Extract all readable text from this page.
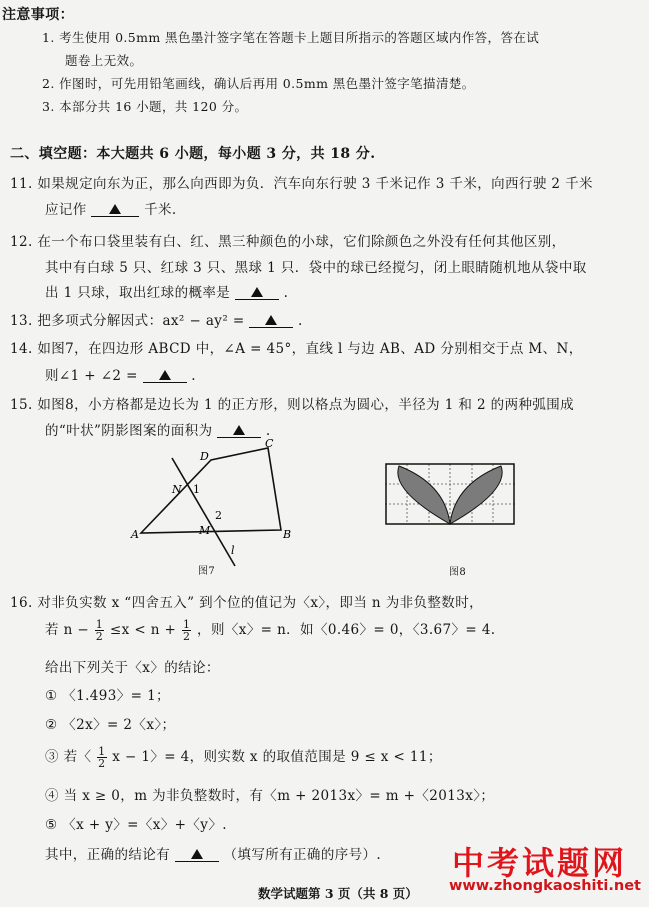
注意事项：
1. 考生使用 0.5mm 黑色墨汁签字笔在答题卡上题目所指示的答题区域内作答，答在试
题卷上无效。
2. 作图时，可先用铅笔画线，确认后再用 0.5mm 黑色墨汁签字笔描清楚。
3. 本部分共 16 小题，共 120 分。
二、填空题：本大题共 6 小题，每小题 3 分，共 18 分.
11. 如果规定向东为正，那么向西即为负．汽车向东行驶 3 千米记作 3 千米，向西行驶 2 千米
应记作	千米.
12. 在一个布口袋里装有白、红、黑三种颜色的小球，它们除颜色之外没有任何其他区别，
其中有白球 5 只、红球 3 只、黑球 1 只．袋中的球已经搅匀，闭上眼睛随机地从袋中取
出 1 只球，取出红球的概率是	.
13. 把多项式分解因式：ax² − ay² =	.
14. 如图7，在四边形 ABCD 中，∠A = 45°，直线 l 与边 AB、AD 分别相交于点 M、N，
则∠1 + ∠2 =	.
15. 如图8，小方格都是边长为 1 的正方形，则以格点为圆心，半径为 1 和 2 的两种弧围成
的“叶状”阴影图案的面积为	.
A	B
C
D
N
M
1
2
l
图7	图8
16. 对非负实数 x “四舍五入” 到个位的值记为〈x〉，即当 n 为非负整数时，
若 $n - \frac{1}{2} \le x < n + \frac{1}{2}$ ，则〈x〉= n．如〈0.46〉= 0，〈3.67〉= 4.
给出下列关于〈x〉的结论：
① 〈1.493〉= 1；
② 〈2x〉= 2〈x〉；
③ 若〈 $\frac{1}{2}$ x − 1〉= 4，则实数 x 的取值范围是 9 ≤ x < 11；
④ 当 x ≥ 0，m 为非负整数时，有〈m + 2013x〉= m +〈2013x〉；
⑤ 〈x + y〉=〈x〉+〈y〉.
其中，正确的结论有	（填写所有正确的序号）.
数学试题第 3 页（共 8 页）
中考试题网
www.zhongkaoshiti.net
